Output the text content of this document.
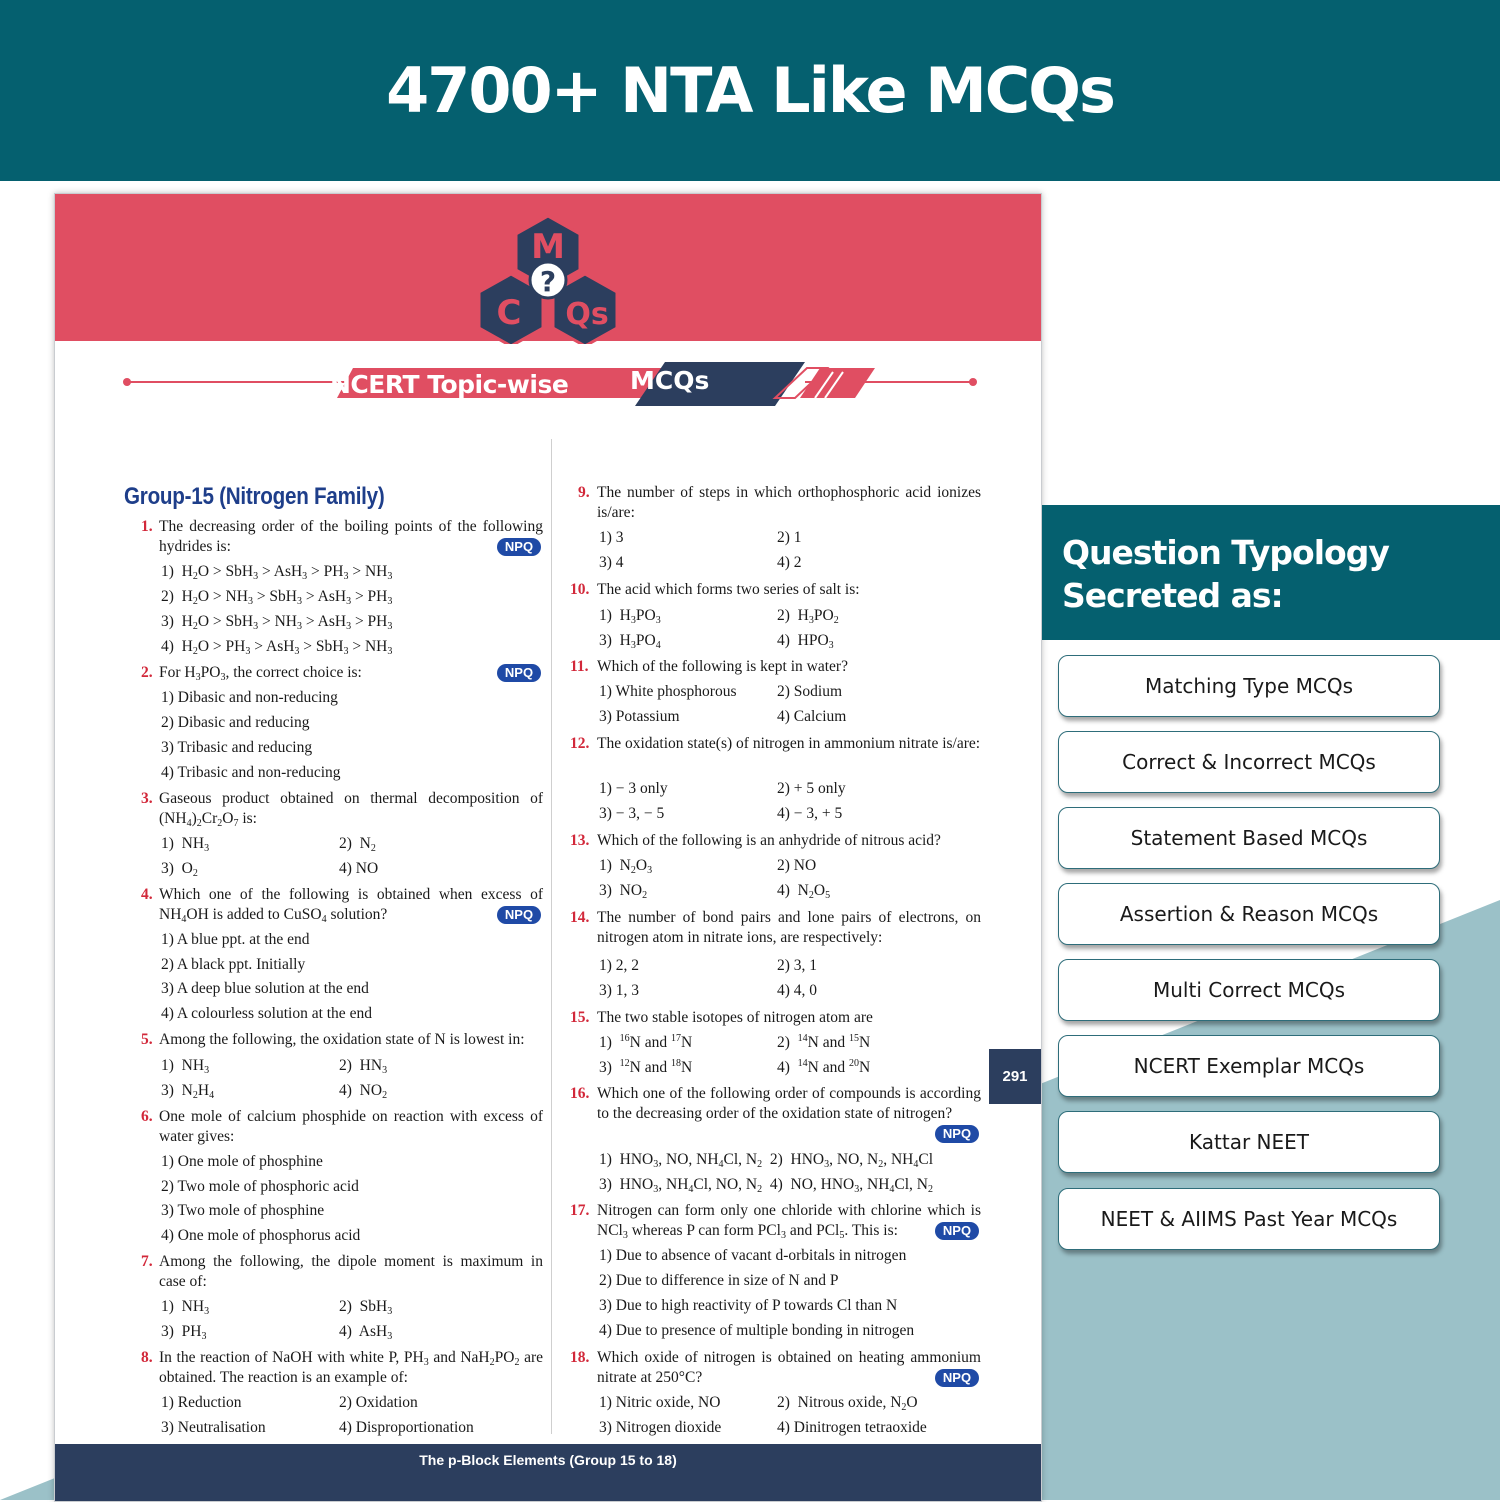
4700+ NTA Like MCQs
M
?
C Qs
NCERT Topic-wise MCQs
Group-15 (Nitrogen Family)
1. The decreasing order of the boiling points of the following hydrides is:	NPQ
1)  $H_2O > SbH_3 > AsH_3 > PH_3 > NH_3$
2)  $H_2O > NH_3 > SbH_3 > AsH_3 > PH_3$
3)  $H_2O > SbH_3 > NH_3 > AsH_3 > PH_3$
4)  $H_2O > PH_3 > AsH_3 > SbH_3 > NH_3$
2. For $H_3PO_3$, the correct choice is:	NPQ
1) Dibasic and non-reducing
2) Dibasic and reducing
3) Tribasic and reducing
4) Tribasic and non-reducing
3. Gaseous product obtained on thermal decomposition of $(NH_4)_2Cr_2O_7$ is:
1)  $NH_3$	2)  $N_2$
3)  $O_2$	4) NO
4. Which one of the following is obtained when excess of $NH_4OH$ is added to CuSO$_4$ solution?	NPQ
1) A blue ppt. at the end
2) A black ppt. Initially
3) A deep blue solution at the end
4) A colourless solution at the end
5. Among the following, the oxidation state of N is lowest in:
1)  $NH_3$	2)  $HN_3$
3)  $N_2H_4$	4)  $NO_2$
6. One mole of calcium phosphide on reaction with excess of water gives:
1) One mole of phosphine
2) Two mole of phosphoric acid
3) Two mole of phosphine
4) One mole of phosphorus acid
7. Among the following, the dipole moment is maximum in case of:
1)  $NH_3$	2)  SbH$_3$
3)  $PH_3$	4)  AsH$_3$
8. In the reaction of NaOH with white P, $PH_3$ and $NaH_2PO_2$ are obtained. The reaction is an example of:
1) Reduction	2) Oxidation
3) Neutralisation	4) Disproportionation
9. The number of steps in which orthophosphoric acid ionizes is/are:
1) 3	2) 1
3) 4	4) 2
10. The acid which forms two series of salt is:
1)  $H_3PO_3$	2)  $H_3PO_2$
3)  $H_3PO_4$	4)  $HPO_3$
11. Which of the following is kept in water?
1) White phosphorous	2) Sodium
3) Potassium	4) Calcium
12. The oxidation state(s) of nitrogen in ammonium nitrate is/are:
1) − 3 only	2) + 5 only
3) − 3, − 5	4) − 3, + 5
13. Which of the following is an anhydride of nitrous acid?
1)  $N_2O_3$	2) NO
3)  $NO_2$	4)  $N_2O_5$
14. The number of bond pairs and lone pairs of electrons, on nitrogen atom in nitrate ions, are respectively:
1) 2, 2	2) 3, 1
3) 1, 3	4) 4, 0
15. The two stable isotopes of nitrogen atom are
1)  $^{16}$N and $^{17}$N	2)  $^{14}$N and $^{15}$N
3)  $^{12}$N and $^{18}$N	4)  $^{14}$N and $^{20}$N
16. Which one of the following order of compounds is according to the decreasing order of the oxidation state of nitrogen?
NPQ
1)  $HNO_3$, NO, $NH_4Cl$, $N_2$  2)  $HNO_3$, NO, $N_2$, $NH_4Cl$
3)  $HNO_3$, $NH_4Cl$, NO, $N_2$  4)  NO, $HNO_3$, $NH_4Cl$, $N_2$
17. Nitrogen can form only one chloride with chlorine which is NCl$_3$ whereas P can form PCl$_3$ and PCl$_5$. This is:	NPQ
1) Due to absence of vacant d-orbitals in nitrogen
2) Due to difference in size of N and P
3) Due to high reactivity of P towards Cl than N
4) Due to presence of multiple bonding in nitrogen
18. Which oxide of nitrogen is obtained on heating ammonium nitrate at 250°C?	NPQ
1) Nitric oxide, NO	2)  Nitrous oxide, $N_2O$
3) Nitrogen dioxide	4) Dinitrogen tetraoxide
291
The p-Block Elements (Group 15 to 18)
Question Typology
Secreted as:
Matching Type MCQs
Correct & Incorrect MCQs
Statement Based MCQs
Assertion & Reason MCQs
Multi Correct MCQs
NCERT Exemplar MCQs
Kattar NEET
NEET & AIIMS Past Year MCQs
